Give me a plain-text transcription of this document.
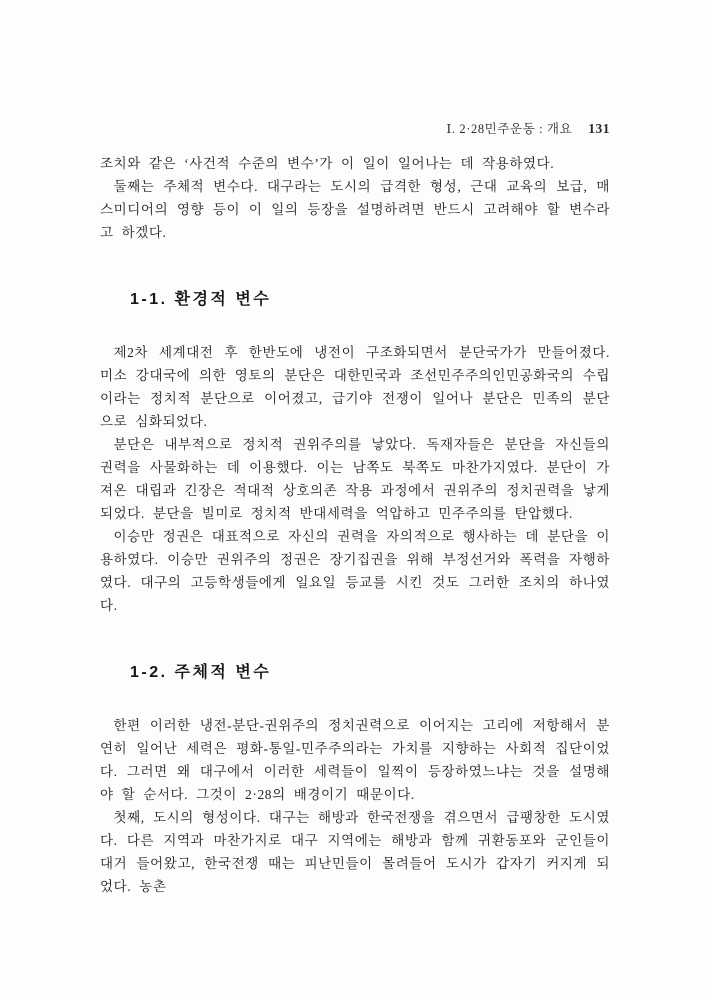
Ⅰ. 2·28민주운동 : 개요 131

조치와 같은 ‘사건적 수준의 변수’가 이 일이 일어나는 데 작용하였다.

둘째는 주체적 변수다. 대구라는 도시의 급격한 형성, 근대 교육의 보급, 매스미디어의 영향 등이 이 일의 등장을 설명하려면 반드시 고려해야 할 변수라고 하겠다.

1-1. 환경적 변수

제2차 세계대전 후 한반도에 냉전이 구조화되면서 분단국가가 만들어졌다. 미소 강대국에 의한 영토의 분단은 대한민국과 조선민주주의인민공화국의 수립이라는 정치적 분단으로 이어졌고, 급기야 전쟁이 일어나 분단은 민족의 분단으로 심화되었다.

분단은 내부적으로 정치적 권위주의를 낳았다. 독재자들은 분단을 자신들의 권력을 사물화하는 데 이용했다. 이는 남쪽도 북쪽도 마찬가지였다. 분단이 가져온 대립과 긴장은 적대적 상호의존 작용 과정에서 권위주의 정치권력을 낳게 되었다. 분단을 빌미로 정치적 반대세력을 억압하고 민주주의를 탄압했다.

이승만 정권은 대표적으로 자신의 권력을 자의적으로 행사하는 데 분단을 이용하였다. 이승만 권위주의 정권은 장기집권을 위해 부정선거와 폭력을 자행하였다. 대구의 고등학생들에게 일요일 등교를 시킨 것도 그러한 조치의 하나였다.

1-2. 주체적 변수

한편 이러한 냉전-분단-권위주의 정치권력으로 이어지는 고리에 저항해서 분연히 일어난 세력은 평화-통일-민주주의라는 가치를 지향하는 사회적 집단이었다. 그러면 왜 대구에서 이러한 세력들이 일찍이 등장하였느냐는 것을 설명해야 할 순서다. 그것이 2·28의 배경이기 때문이다.

첫째, 도시의 형성이다. 대구는 해방과 한국전쟁을 겪으면서 급팽창한 도시였다. 다른 지역과 마찬가지로 대구 지역에는 해방과 함께 귀환동포와 군인들이 대거 들어왔고, 한국전쟁 때는 피난민들이 몰려들어 도시가 갑자기 커지게 되었다. 농촌
